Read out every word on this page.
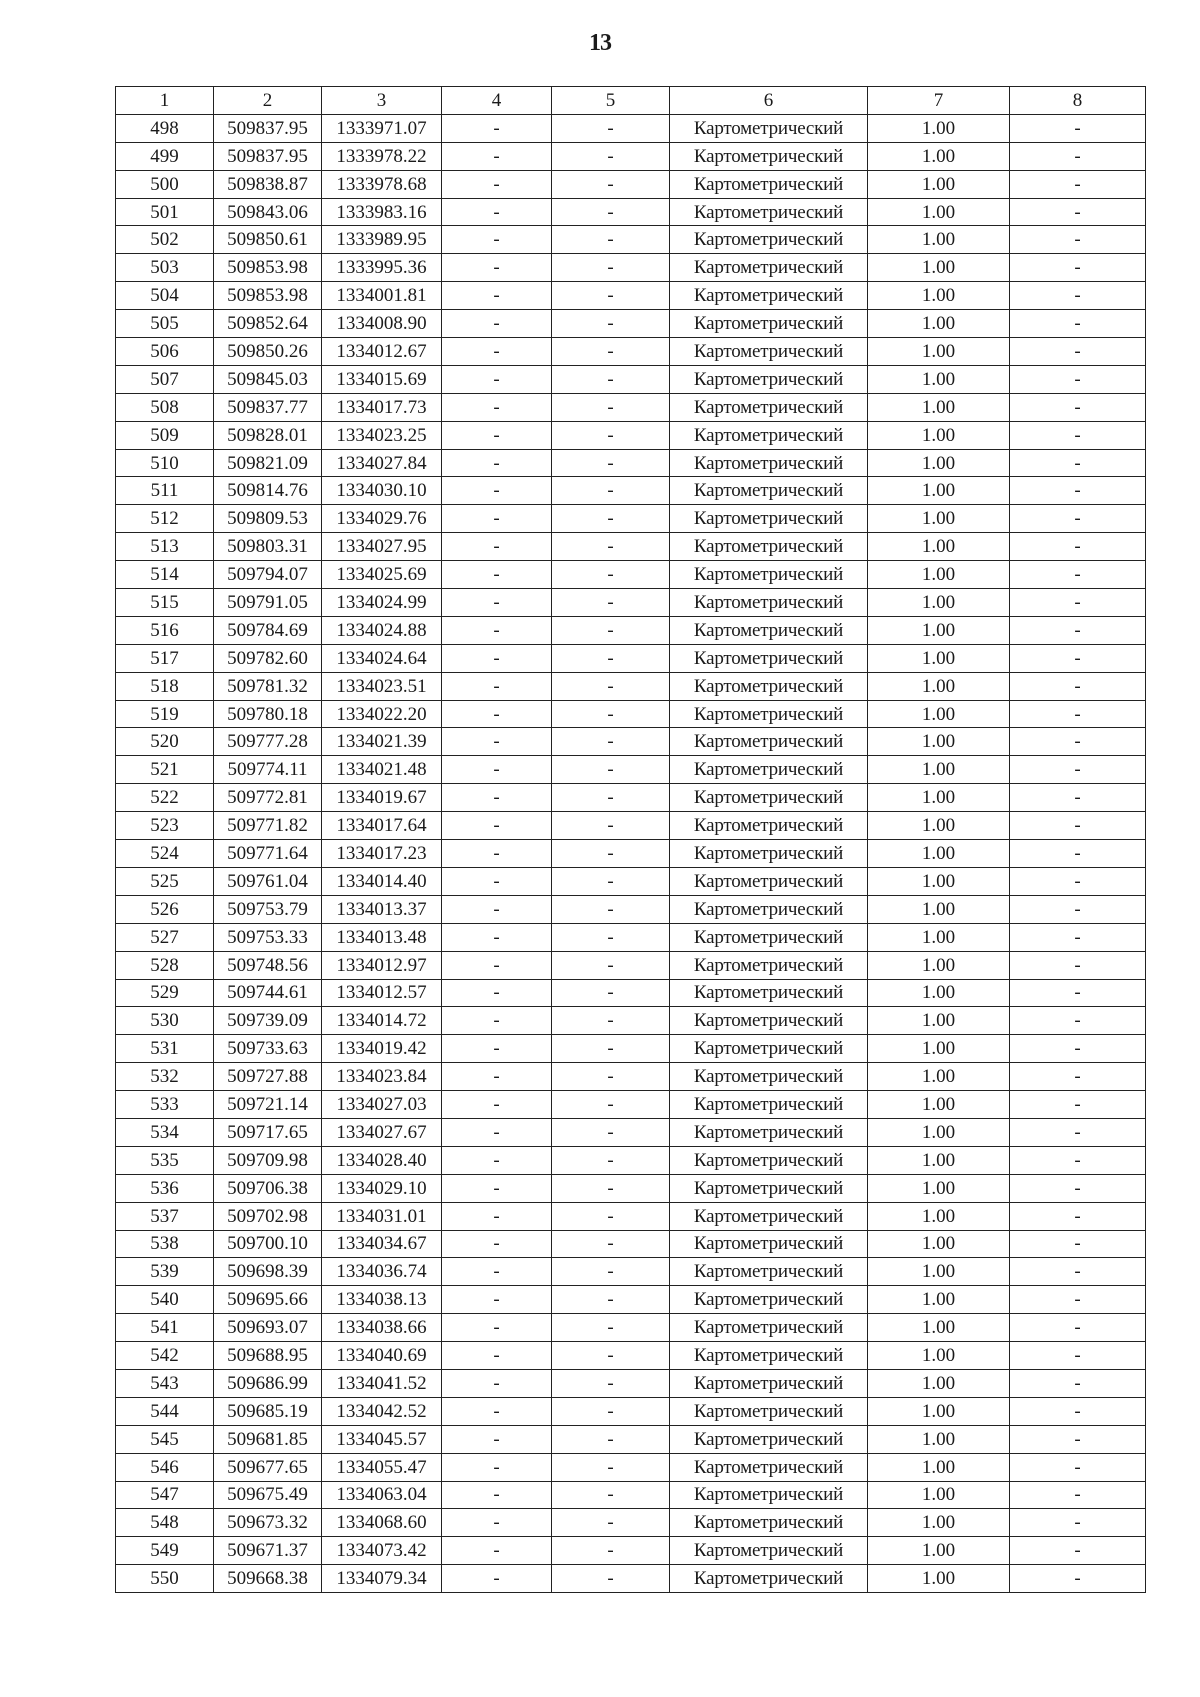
13
1	2	3	4	5	6	7	8
498	509837.95	1333971.07	-	-	Картометрический	1.00	-
499	509837.95	1333978.22	-	-	Картометрический	1.00	-
500	509838.87	1333978.68	-	-	Картометрический	1.00	-
501	509843.06	1333983.16	-	-	Картометрический	1.00	-
502	509850.61	1333989.95	-	-	Картометрический	1.00	-
503	509853.98	1333995.36	-	-	Картометрический	1.00	-
504	509853.98	1334001.81	-	-	Картометрический	1.00	-
505	509852.64	1334008.90	-	-	Картометрический	1.00	-
506	509850.26	1334012.67	-	-	Картометрический	1.00	-
507	509845.03	1334015.69	-	-	Картометрический	1.00	-
508	509837.77	1334017.73	-	-	Картометрический	1.00	-
509	509828.01	1334023.25	-	-	Картометрический	1.00	-
510	509821.09	1334027.84	-	-	Картометрический	1.00	-
511	509814.76	1334030.10	-	-	Картометрический	1.00	-
512	509809.53	1334029.76	-	-	Картометрический	1.00	-
513	509803.31	1334027.95	-	-	Картометрический	1.00	-
514	509794.07	1334025.69	-	-	Картометрический	1.00	-
515	509791.05	1334024.99	-	-	Картометрический	1.00	-
516	509784.69	1334024.88	-	-	Картометрический	1.00	-
517	509782.60	1334024.64	-	-	Картометрический	1.00	-
518	509781.32	1334023.51	-	-	Картометрический	1.00	-
519	509780.18	1334022.20	-	-	Картометрический	1.00	-
520	509777.28	1334021.39	-	-	Картометрический	1.00	-
521	509774.11	1334021.48	-	-	Картометрический	1.00	-
522	509772.81	1334019.67	-	-	Картометрический	1.00	-
523	509771.82	1334017.64	-	-	Картометрический	1.00	-
524	509771.64	1334017.23	-	-	Картометрический	1.00	-
525	509761.04	1334014.40	-	-	Картометрический	1.00	-
526	509753.79	1334013.37	-	-	Картометрический	1.00	-
527	509753.33	1334013.48	-	-	Картометрический	1.00	-
528	509748.56	1334012.97	-	-	Картометрический	1.00	-
529	509744.61	1334012.57	-	-	Картометрический	1.00	-
530	509739.09	1334014.72	-	-	Картометрический	1.00	-
531	509733.63	1334019.42	-	-	Картометрический	1.00	-
532	509727.88	1334023.84	-	-	Картометрический	1.00	-
533	509721.14	1334027.03	-	-	Картометрический	1.00	-
534	509717.65	1334027.67	-	-	Картометрический	1.00	-
535	509709.98	1334028.40	-	-	Картометрический	1.00	-
536	509706.38	1334029.10	-	-	Картометрический	1.00	-
537	509702.98	1334031.01	-	-	Картометрический	1.00	-
538	509700.10	1334034.67	-	-	Картометрический	1.00	-
539	509698.39	1334036.74	-	-	Картометрический	1.00	-
540	509695.66	1334038.13	-	-	Картометрический	1.00	-
541	509693.07	1334038.66	-	-	Картометрический	1.00	-
542	509688.95	1334040.69	-	-	Картометрический	1.00	-
543	509686.99	1334041.52	-	-	Картометрический	1.00	-
544	509685.19	1334042.52	-	-	Картометрический	1.00	-
545	509681.85	1334045.57	-	-	Картометрический	1.00	-
546	509677.65	1334055.47	-	-	Картометрический	1.00	-
547	509675.49	1334063.04	-	-	Картометрический	1.00	-
548	509673.32	1334068.60	-	-	Картометрический	1.00	-
549	509671.37	1334073.42	-	-	Картометрический	1.00	-
550	509668.38	1334079.34	-	-	Картометрический	1.00	-
